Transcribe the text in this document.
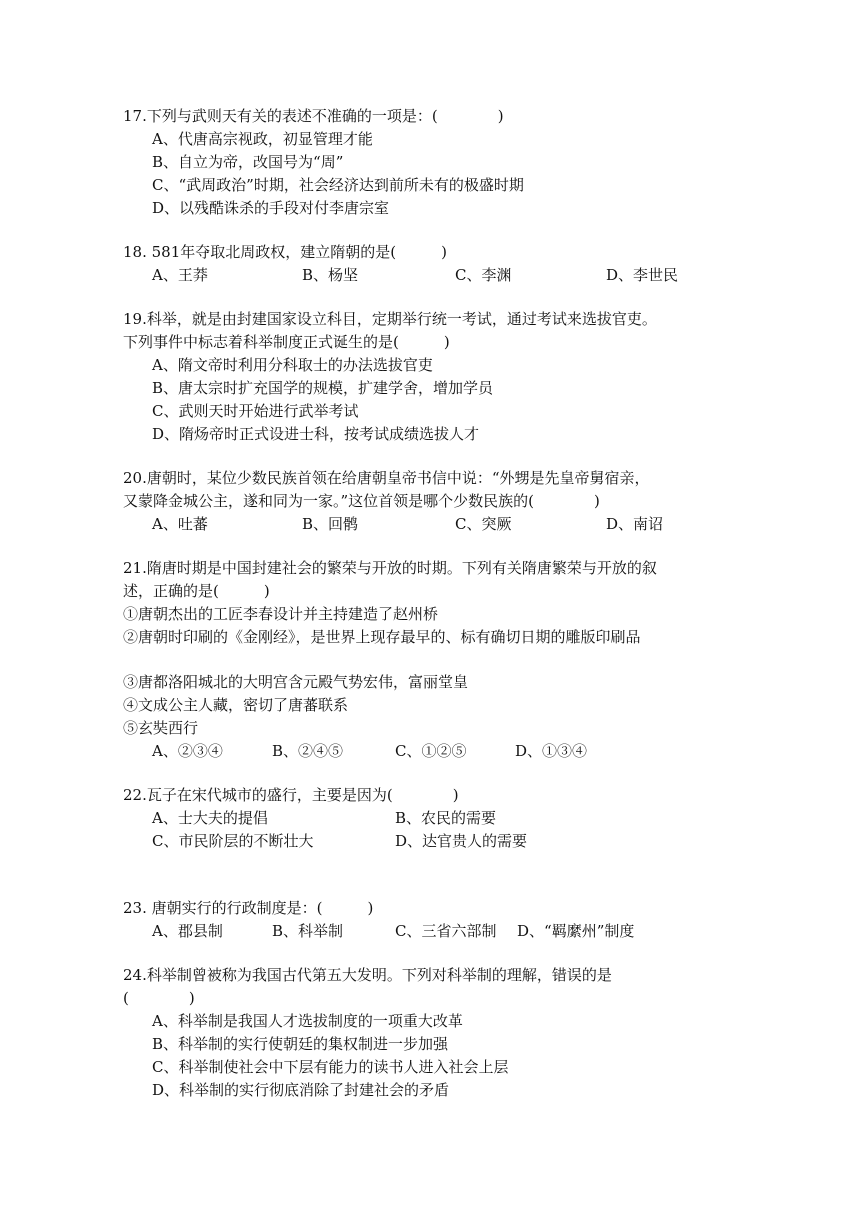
17.下列与武则天有关的表述不准确的一项是：(　　　　)
A、代唐高宗视政，初显管理才能
B、自立为帝，改国号为“周”
C、“武周政治”时期，社会经济达到前所未有的极盛时期
D、以残酷诛杀的手段对付李唐宗室
18. 581年夺取北周政权，建立隋朝的是(　　　)
A、王莽	B、杨坚	C、李渊	D、李世民
19.科举，就是由封建国家设立科目，定期举行统一考试，通过考试来选拔官吏。
下列事件中标志着科举制度正式诞生的是(　　　)
A、隋文帝时利用分科取士的办法选拔官吏
B、唐太宗时扩充国学的规模，扩建学舍，增加学员
C、武则天时开始进行武举考试
D、隋炀帝时正式设进士科，按考试成绩选拔人才
20.唐朝时，某位少数民族首领在给唐朝皇帝书信中说：“外甥是先皇帝舅宿亲，
又蒙降金城公主，遂和同为一家。”这位首领是哪个少数民族的(　　　　)
A、吐蕃	B、回鹘	C、突厥	D、南诏
21.隋唐时期是中国封建社会的繁荣与开放的时期。下列有关隋唐繁荣与开放的叙
述，正确的是(　　　)
①唐朝杰出的工匠李春设计并主持建造了赵州桥
②唐朝时印刷的《金刚经》，是世界上现存最早的、标有确切日期的雕版印刷品
③唐都洛阳城北的大明宫含元殿气势宏伟，富丽堂皇
④文成公主人藏，密切了唐蕃联系
⑤玄奘西行
A、②③④	B、②④⑤	C、①②⑤	D、①③④
22.瓦子在宋代城市的盛行，主要是因为(　　　　)
A、士大夫的提倡	B、农民的需要
C、市民阶层的不断壮大	D、达官贵人的需要
23. 唐朝实行的行政制度是：(　　　)
A、郡县制	B、科举制	C、三省六部制 D、“羁縻州”制度
24.科举制曾被称为我国古代第五大发明。下列对科举制的理解，错误的是
(　　　　)
A、科举制是我国人才选拔制度的一项重大改革
B、科举制的实行使朝廷的集权制进一步加强
C、科举制使社会中下层有能力的读书人进入社会上层
D、科举制的实行彻底消除了封建社会的矛盾
